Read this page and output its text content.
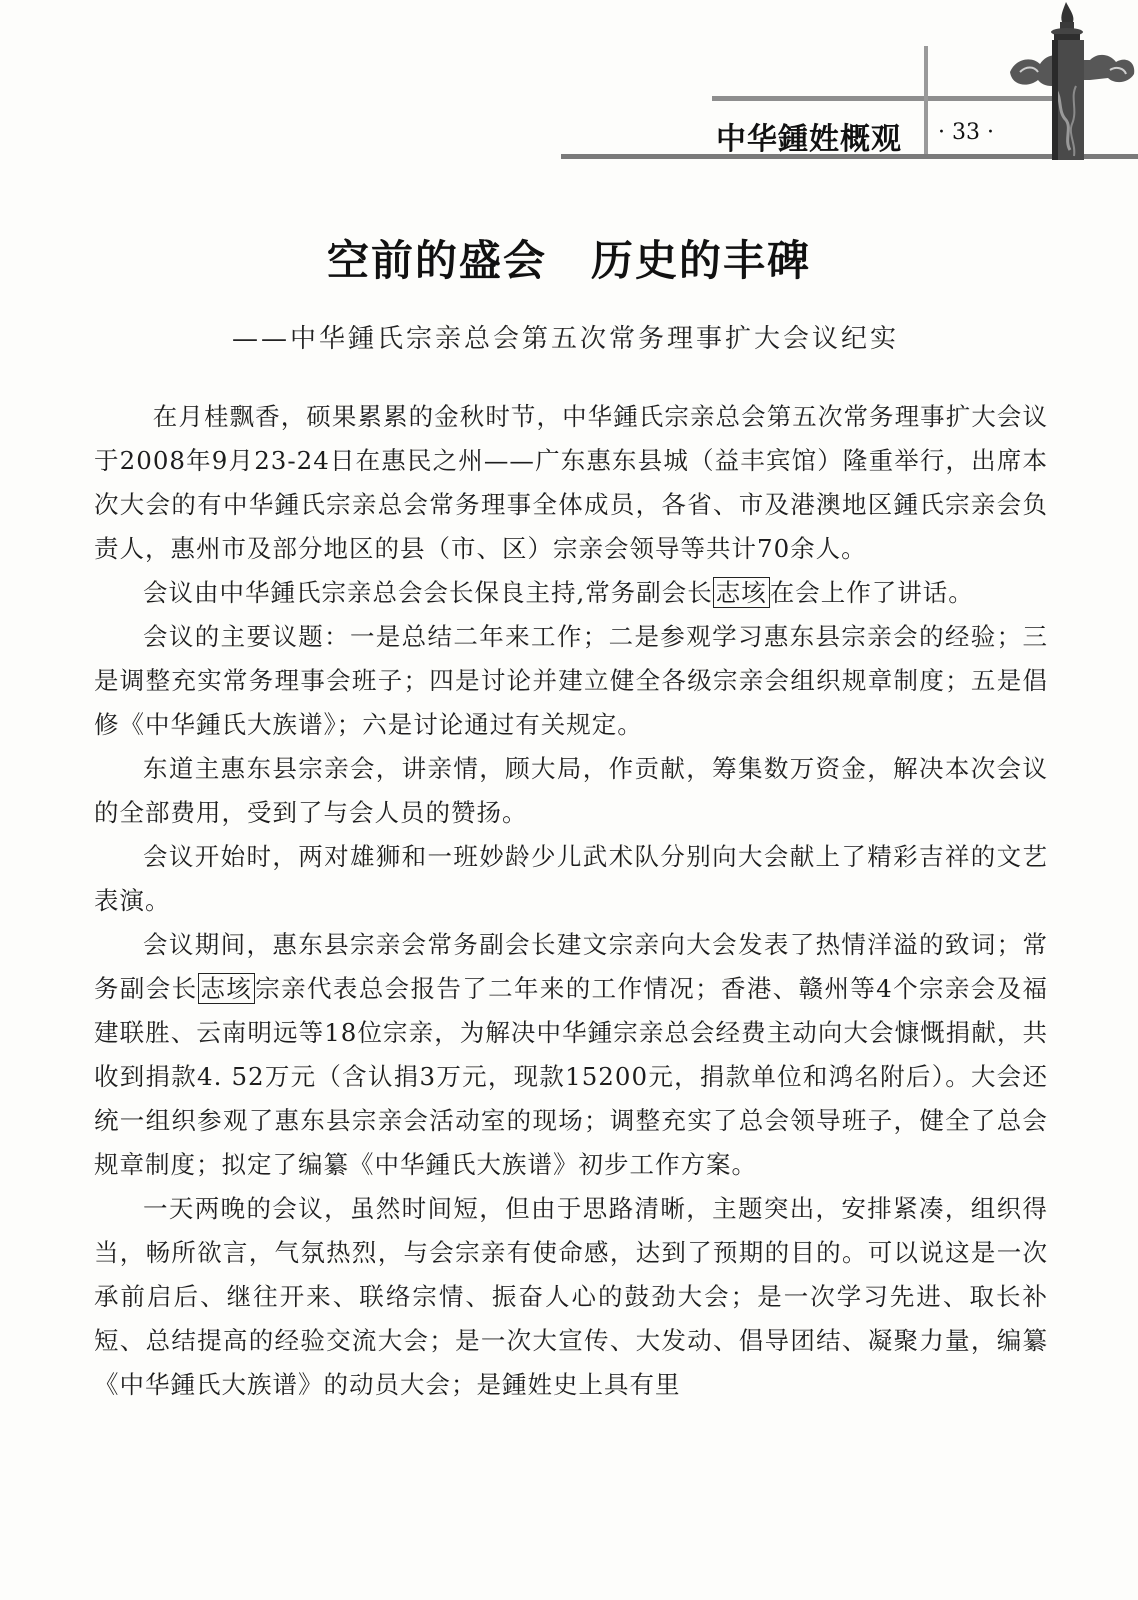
中华鍾姓概观 · 33 ·
空前的盛会　历史的丰碑
——中华鍾氏宗亲总会第五次常务理事扩大会议纪实

在月桂飘香，硕果累累的金秋时节，中华鍾氏宗亲总会第五次常务理事扩大会议于2008年9月23-24日在惠民之州——广东惠东县城（益丰宾馆）隆重举行，出席本次大会的有中华鍾氏宗亲总会常务理事全体成员，各省、市及港澳地区鍾氏宗亲会负责人，惠州市及部分地区的县（市、区）宗亲会领导等共计70余人。

会议由中华鍾氏宗亲总会会长保良主持,常务副会长 志垓 在会上作了讲话。

会议的主要议题：一是总结二年来工作；二是参观学习惠东县宗亲会的经验；三是调整充实常务理事会班子；四是讨论并建立健全各级宗亲会组织规章制度；五是倡修《中华鍾氏大族谱》；六是讨论通过有关规定。

东道主惠东县宗亲会，讲亲情，顾大局，作贡献，筹集数万资金，解决本次会议的全部费用，受到了与会人员的赞扬。

会议开始时，两对雄狮和一班妙龄少儿武术队分别向大会献上了精彩吉祥的文艺表演。

会议期间，惠东县宗亲会常务副会长建文宗亲向大会发表了热情洋溢的致词；常务副会长 志垓 宗亲代表总会报告了二年来的工作情况；香港、赣州等4个宗亲会及福建联胜、云南明远等18位宗亲，为解决中华鍾宗亲总会经费主动向大会慷慨捐献，共收到捐款4. 52万元（含认捐3万元，现款15200元，捐款单位和鸿名附后）。大会还统一组织参观了惠东县宗亲会活动室的现场；调整充实了总会领导班子，健全了总会规章制度；拟定了编纂《中华鍾氏大族谱》初步工作方案。

一天两晚的会议，虽然时间短，但由于思路清晰，主题突出，安排紧凑，组织得当，畅所欲言，气氛热烈，与会宗亲有使命感，达到了预期的目的。可以说这是一次承前启后、继往开来、联络宗情、振奋人心的鼓劲大会；是一次学习先进、取长补短、总结提高的经验交流大会；是一次大宣传、大发动、倡导团结、凝聚力量，编纂《中华鍾氏大族谱》的动员大会；是鍾姓史上具有里
